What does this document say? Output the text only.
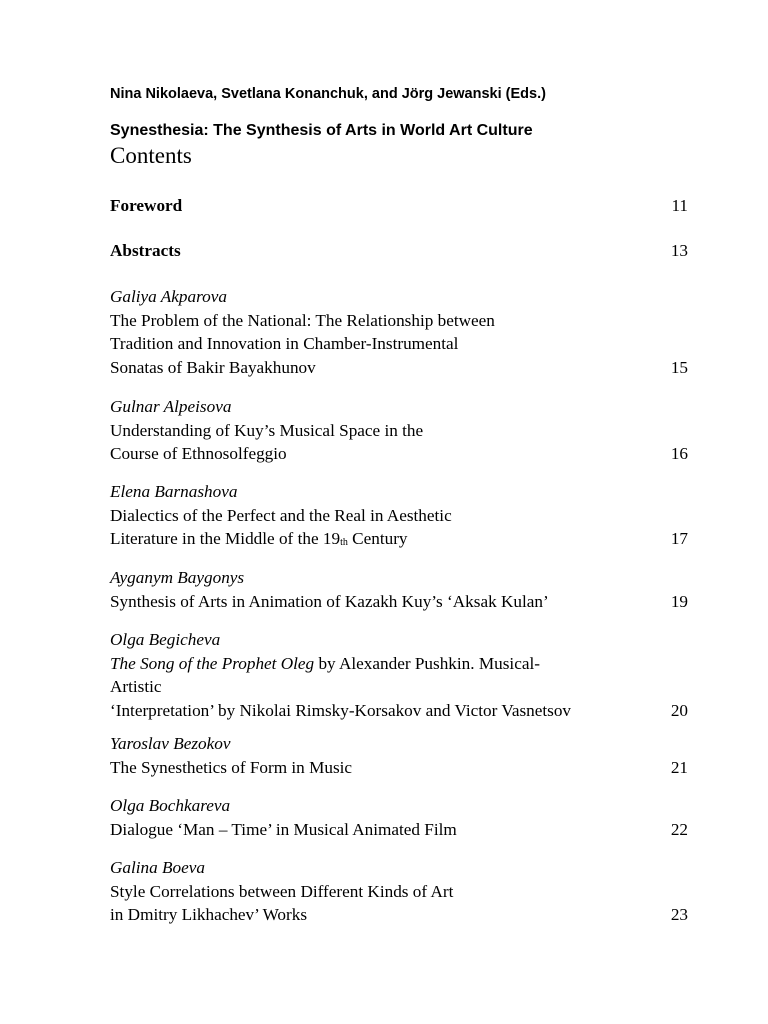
Nina Nikolaeva, Svetlana Konanchuk, and Jörg Jewanski (Eds.)
Synesthesia: The Synthesis of Arts in World Art Culture
Contents
Foreword	11
Abstracts	13
Galiya Akparova
The Problem of the National: The Relationship between
Tradition and Innovation in Chamber-Instrumental
Sonatas of Bakir Bayakhunov	15
Gulnar Alpeisova
Understanding of Kuy’s Musical Space in the
Course of Ethnosolfeggio	16
Elena Barnashova
Dialectics of the Perfect and the Real in Aesthetic
Literature in the Middle of the $19_{th}$ Century	17
Ayganym Baygonys
Synthesis of Arts in Animation of Kazakh Kuy’s ‘Aksak Kulan’	19
Olga Begicheva
The Song of the Prophet Oleg by Alexander Pushkin. Musical-
Artistic
‘Interpretation’ by Nikolai Rimsky-Korsakov and Victor Vasnetsov	20
Yaroslav Bezokov
The Synesthetics of Form in Music	21
Olga Bochkareva
Dialogue ‘Man – Time’ in Musical Animated Film	22
Galina Boeva
Style Correlations between Different Kinds of Art
in Dmitry Likhachev’ Works	23
